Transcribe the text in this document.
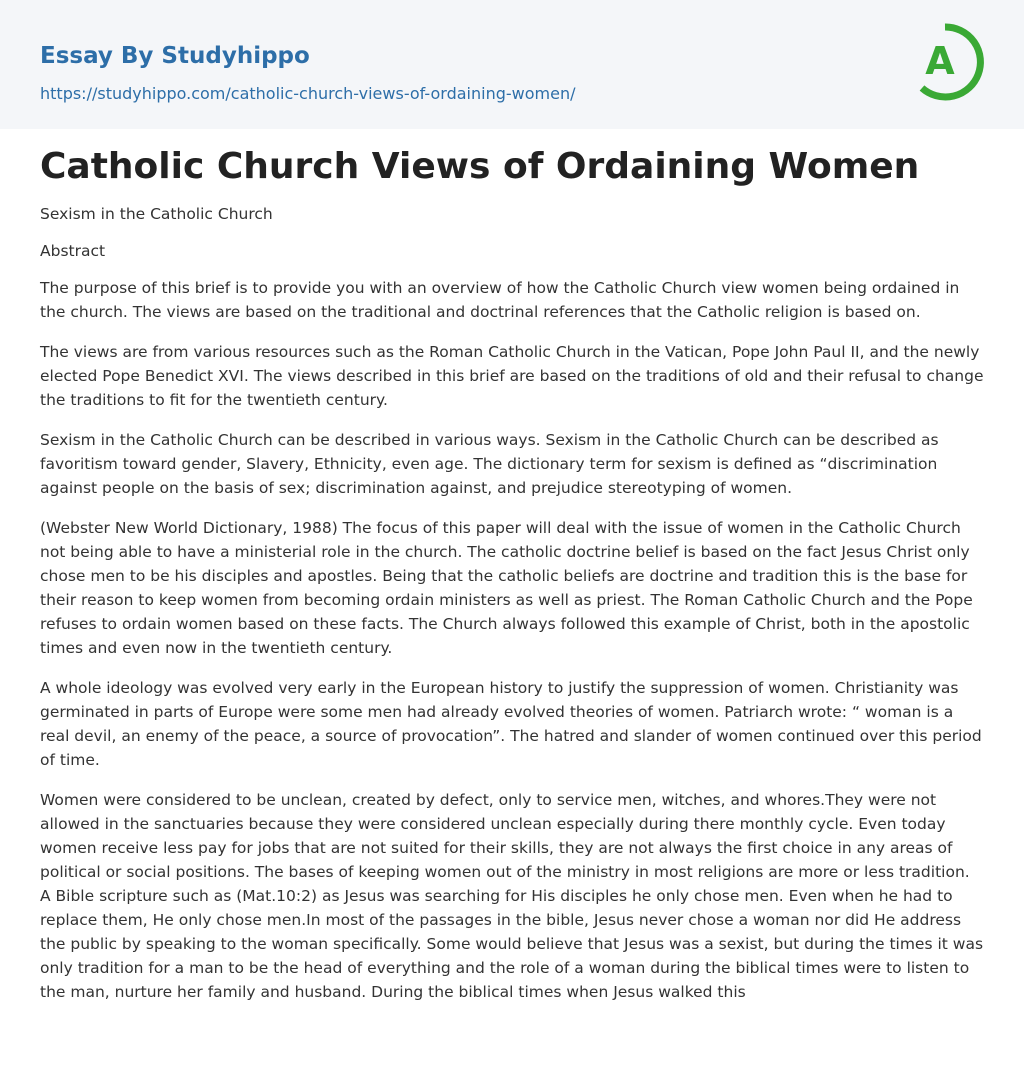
Essay By Studyhippo
https://studyhippo.com/catholic-church-views-of-ordaining-women/
A
Catholic Church Views of Ordaining Women

Sexism in the Catholic Church

Abstract

The purpose of this brief is to provide you with an overview of how the Catholic Church view women being ordained in the church. The views are based on the traditional and doctrinal references that the Catholic religion is based on.

The views are from various resources such as the Roman Catholic Church in the Vatican, Pope John Paul II, and the newly elected Pope Benedict XVI. The views described in this brief are based on the traditions of old and their refusal to change the traditions to fit for the twentieth century.

Sexism in the Catholic Church can be described in various ways. Sexism in the Catholic Church can be described as favoritism toward gender, Slavery, Ethnicity, even age. The dictionary term for sexism is defined as “discrimination against people on the basis of sex; discrimination against, and prejudice stereotyping of women.

(Webster New World Dictionary, 1988) The focus of this paper will deal with the issue of women in the Catholic Church not being able to have a ministerial role in the church. The catholic doctrine belief is based on the fact Jesus Christ only chose men to be his disciples and apostles. Being that the catholic beliefs are doctrine and tradition this is the base for their reason to keep women from becoming ordain ministers as well as priest. The Roman Catholic Church and the Pope refuses to ordain women based on these facts. The Church always followed this example of Christ, both in the apostolic times and even now in the twentieth century.

A whole ideology was evolved very early in the European history to justify the suppression of women. Christianity was germinated in parts of Europe were some men had already evolved theories of women. Patriarch wrote: “ woman is a real devil, an enemy of the peace, a source of provocation”. The hatred and slander of women continued over this period of time.

Women were considered to be unclean, created by defect, only to service men, witches, and whores.They were not allowed in the sanctuaries because they were considered unclean especially during there monthly cycle. Even today women receive less pay for jobs that are not suited for their skills, they are not always the first choice in any areas of political or social positions. The bases of keeping women out of the ministry in most religions are more or less tradition. A Bible scripture such as (Mat.10:2) as Jesus was searching for His disciples he only chose men. Even when he had to replace them, He only chose men.In most of the passages in the bible, Jesus never chose a woman nor did He address the public by speaking to the woman specifically. Some would believe that Jesus was a sexist, but during the times it was only tradition for a man to be the head of everything and the role of a woman during the biblical times were to listen to the man, nurture her family and husband. During the biblical times when Jesus walked this
